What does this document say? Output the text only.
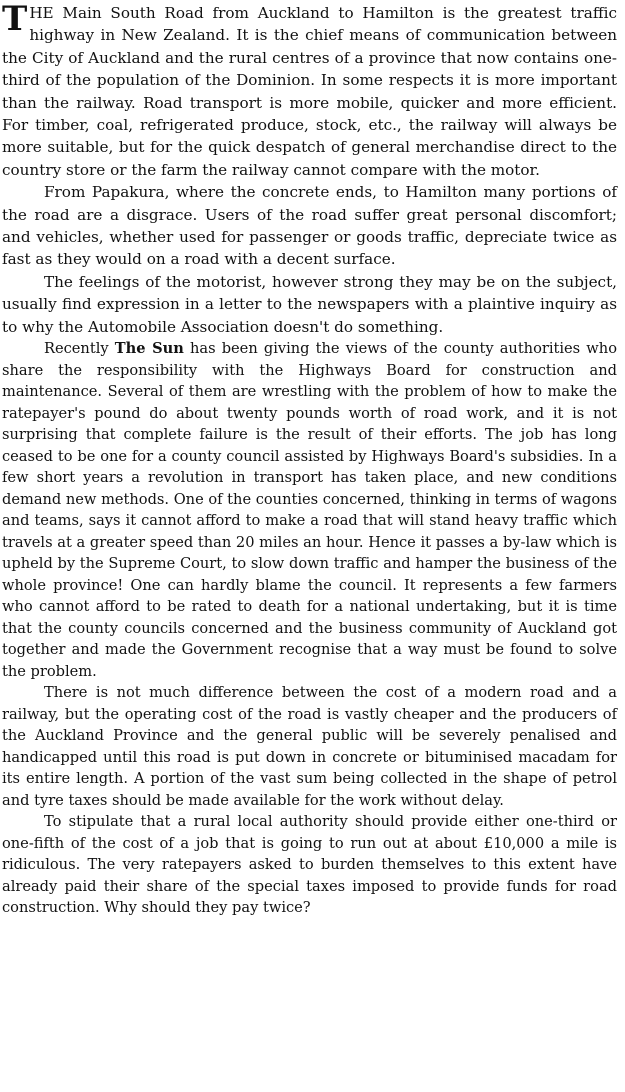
THE Main South Road from Auckland to Hamilton is the greatest traffic highway in New Zealand. It is the chief means of communication between the City of Auckland and the rural centres of a province that now contains one-third of the population of the Dominion. In some respects it is more important than the railway. Road transport is more mobile, quicker and more efficient. For timber, coal, refrigerated produce, stock, etc., the railway will always be more suitable, but for the quick despatch of general merchandise direct to the country store or the farm the railway cannot compare with the motor.

From Papakura, where the concrete ends, to Hamilton many portions of the road are a disgrace. Users of the road suffer great personal discomfort; and vehicles, whether used for passenger or goods traffic, depreciate twice as fast as they would on a road with a decent surface.

The feelings of the motorist, however strong they may be on the subject, usually find expression in a letter to the newspapers with a plaintive inquiry as to why the Automobile Association doesn't do something.

Recently The Sun has been giving the views of the county authorities who share the responsibility with the Highways Board for construction and maintenance. Several of them are wrestling with the problem of how to make the ratepayer's pound do about twenty pounds worth of road work, and it is not surprising that complete failure is the result of their efforts. The job has long ceased to be one for a county council assisted by Highways Board's subsidies. In a few short years a revolution in transport has taken place, and new conditions demand new methods. One of the counties concerned, thinking in terms of wagons and teams, says it cannot afford to make a road that will stand heavy traffic which travels at a greater speed than 20 miles an hour. Hence it passes a by-law which is upheld by the Supreme Court, to slow down traffic and hamper the business of the whole province! One can hardly blame the council. It represents a few farmers who cannot afford to be rated to death for a national undertaking, but it is time that the county councils concerned and the business community of Auckland got together and made the Government recognise that a way must be found to solve the problem.

There is not much difference between the cost of a modern road and a railway, but the operating cost of the road is vastly cheaper and the producers of the Auckland Province and the general public will be severely penalised and handicapped until this road is put down in concrete or bituminised macadam for its entire length. A portion of the vast sum being collected in the shape of petrol and tyre taxes should be made available for the work without delay.

To stipulate that a rural local authority should provide either one-third or one-fifth of the cost of a job that is going to run out at about £10,000 a mile is ridiculous. The very ratepayers asked to burden themselves to this extent have already paid their share of the special taxes imposed to provide funds for road construction. Why should they pay twice?
